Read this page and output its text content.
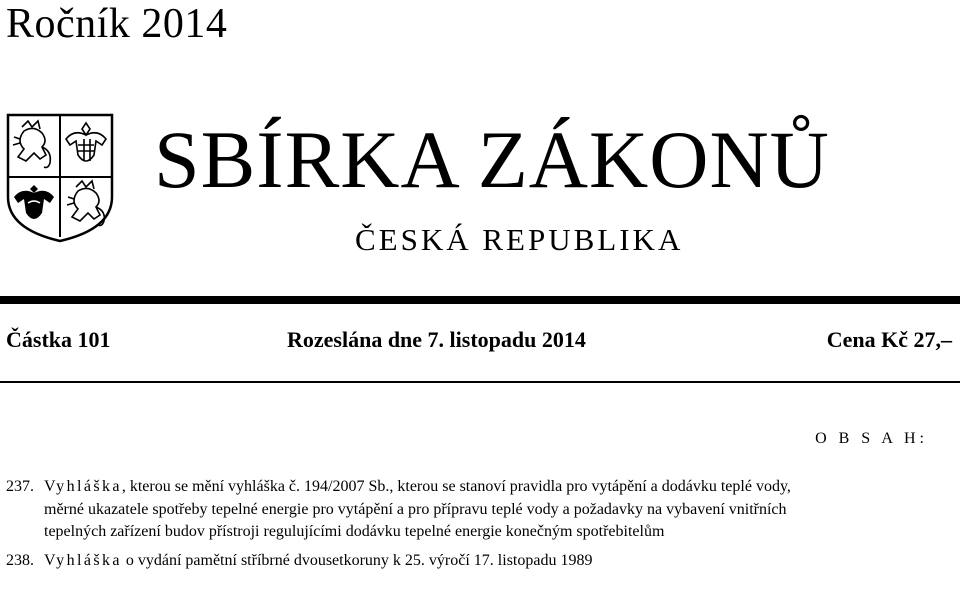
Ročník 2014
SBÍRKA ZÁKONŮ
ČESKÁ REPUBLIKA
Částka 101	Rozeslána dne 7. listopadu 2014	Cena Kč 27,–
O B S A H:
237. Vyhláška, kterou se mění vyhláška č. 194/2007 Sb., kterou se stanoví pravidla pro vytápění a dodávku teplé vody,
měrné ukazatele spotřeby tepelné energie pro vytápění a pro přípravu teplé vody a požadavky na vybavení vnitřních
tepelných zařízení budov přístroji regulujícími dodávku tepelné energie konečným spotřebitelům
238. Vyhláška o vydání pamětní stříbrné dvousetkoruny k 25. výročí 17. listopadu 1989
